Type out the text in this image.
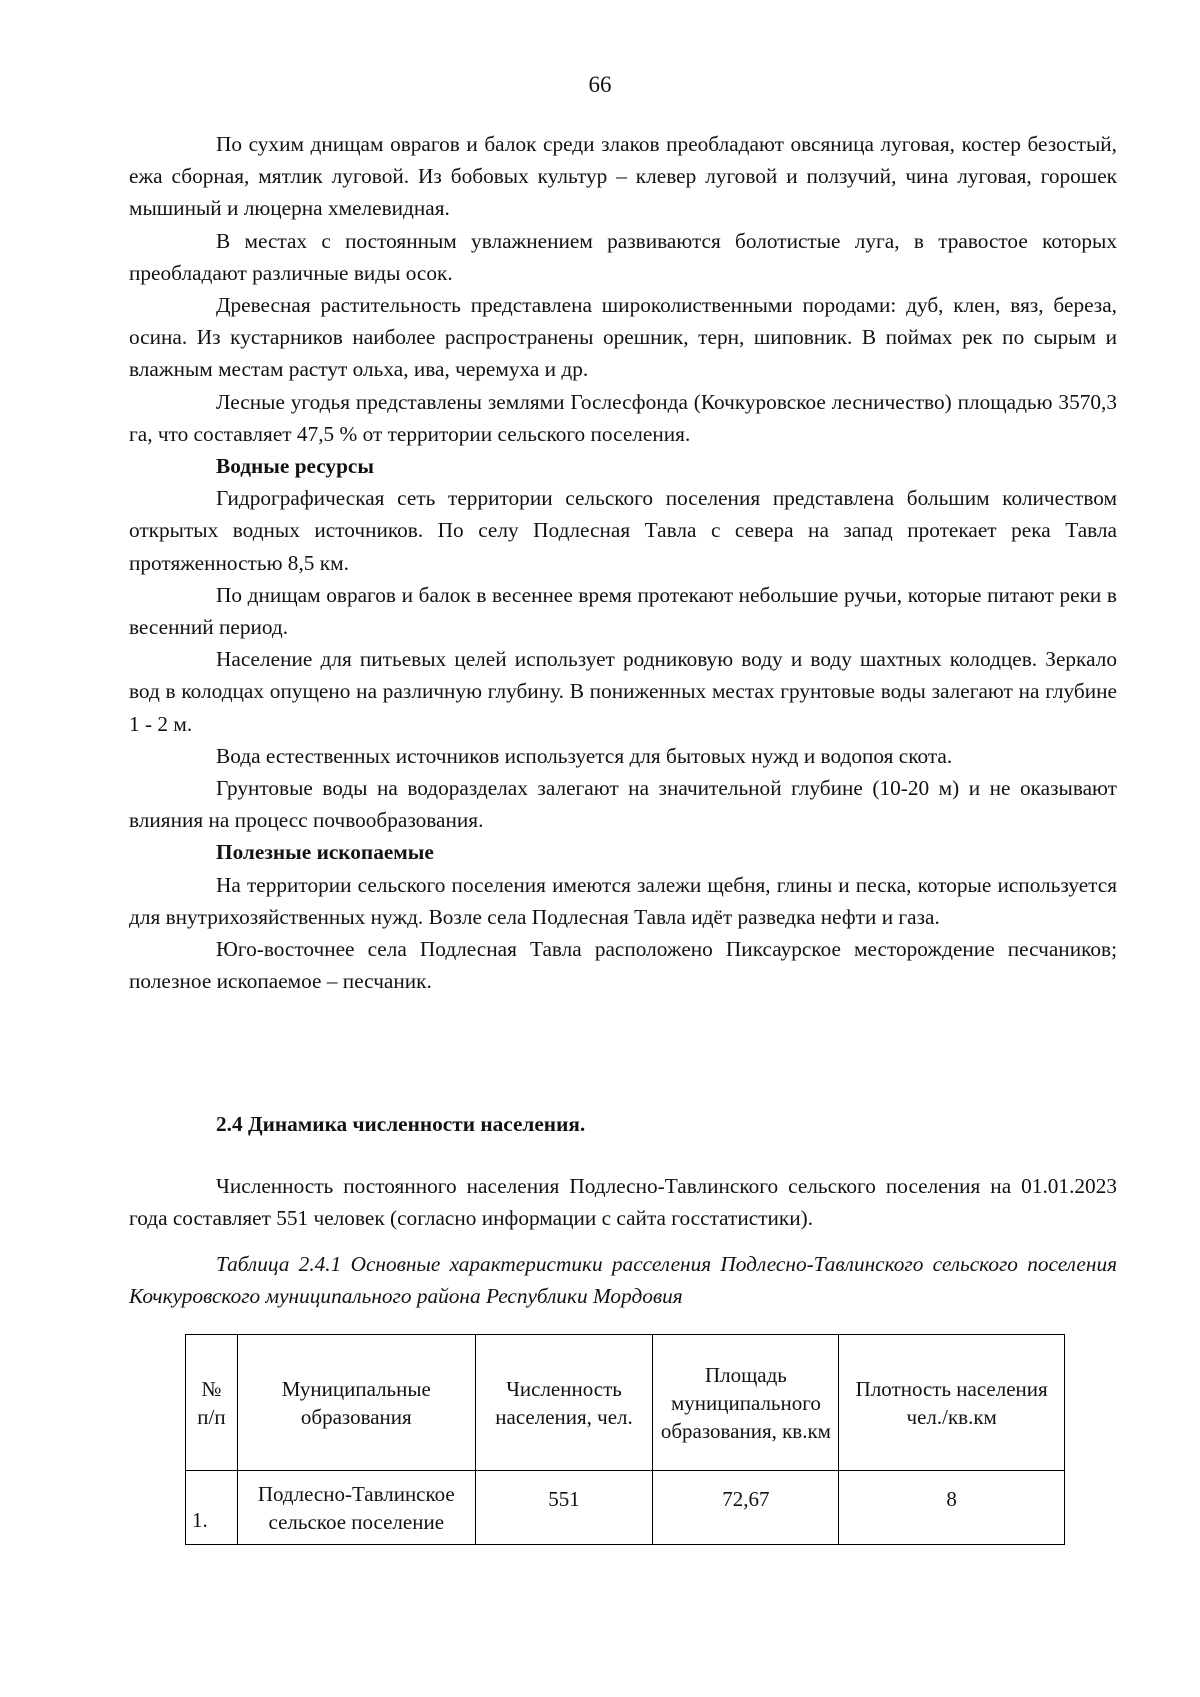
66

По сухим днищам оврагов и балок среди злаков преобладают овсяница луговая, костер безостый, ежа сборная, мятлик луговой. Из бобовых культур – клевер луговой и ползучий, чина луговая, горошек мышиный и люцерна хмелевидная.

В местах с постоянным увлажнением развиваются болотистые луга, в травостое которых преобладают различные виды осок.

Древесная растительность представлена широколиственными породами: дуб, клен, вяз, береза, осина. Из кустарников наиболее распространены орешник, терн, шиповник. В поймах рек по сырым и влажным местам растут ольха, ива, черемуха и др.

Лесные угодья представлены землями Гослесфонда (Кочкуровское лесничество) площадью 3570,3 га, что составляет 47,5 % от территории сельского поселения.

Водные ресурсы

Гидрографическая сеть территории сельского поселения представлена большим количеством открытых водных источников. По селу Подлесная Тавла с севера на запад протекает река Тавла протяженностью 8,5 км.

По днищам оврагов и балок в весеннее время протекают небольшие ручьи, которые питают реки в весенний период.

Население для питьевых целей использует родниковую воду и воду шахтных колодцев. Зеркало вод в колодцах опущено на различную глубину. В пониженных местах грунтовые воды залегают на глубине 1 - 2 м.

Вода естественных источников используется для бытовых нужд и водопоя скота.

Грунтовые воды на водоразделах залегают на значительной глубине (10-20 м) и не оказывают влияния на процесс почвообразования.

Полезные ископаемые

На территории сельского поселения имеются залежи щебня, глины и песка, которые используется для внутрихозяйственных нужд. Возле села Подлесная Тавла идёт разведка нефти и газа.

Юго-восточнее села Подлесная Тавла расположено Пиксаурское месторождение песчаников; полезное ископаемое – песчаник.

2.4 Динамика численности населения.

Численность постоянного населения Подлесно-Тавлинского сельского поселения на 01.01.2023 года составляет 551 человек (согласно информации с сайта госстатистики).

Таблица 2.4.1 Основные характеристики расселения Подлесно-Тавлинского сельского поселения Кочкуровского муниципального района Республики Мордовия

№ п/п	Муниципальные образования	Численность населения, чел.	Площадь муниципального образования, кв.км	Плотность населения чел./кв.км
1.	Подлесно-Тавлинское сельское поселение	551	72,67	8
